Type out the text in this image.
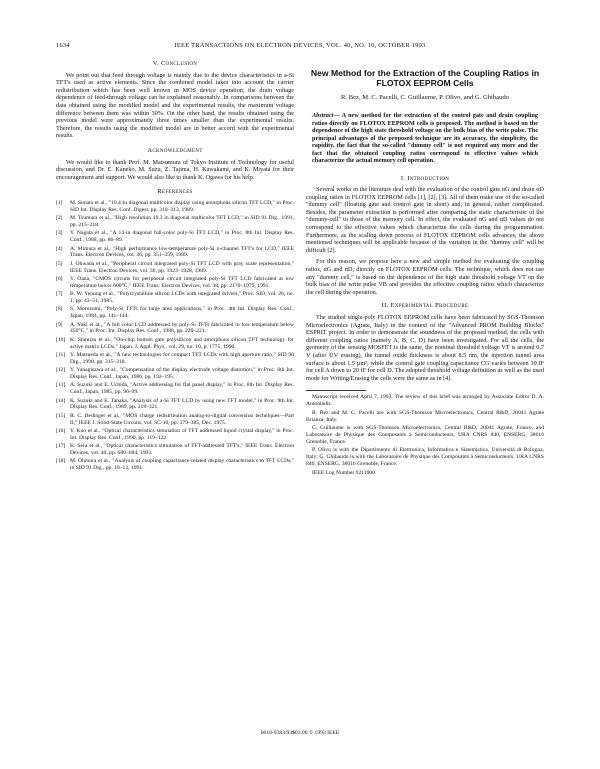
1634	IEEE TRANSACTIONS ON ELECTRON DEVICES, VOL. 40, NO. 10, OCTOBER 1993
V. Conclusion

We point out that feed through voltage is mainly due to the device characteristics in a-Si TFT's used as active elements. Since the combined model takes into account the carrier redistribution which has been well known in MOS device operation, the drain voltage dependence of feed-through voltage can be explained reasonably. In comparisons between the data obtained using the modified model and the experimental results, the maximum voltage difference between them was within 30%. On the other hand, the results obtained using the previous model were approximately three times smaller than the experimental results. Therefore, the results using the modified model are in better accord with the experimental results.

Acknowledgment

We would like to thank Prof. M. Matsumura of Tokyo Institute of Technology for useful discussion, and Dr. E. Kaneko, M. Suzu, Z. Tajima, H. Kawakami, and K. Miyata for their encouragement and support. We would also like to thank K. Ogawa for his help.

References
[1]	M. Sunata et al., "10.4-in diagonal multicolor display using amorphous silicon TFT LCD," in Proc. SID Int. Display Res. Conf. Digest, pp. 310–313, 1989.
[2]	M. Tsumura et al., "High resolution 10.3 in diagonal multicolor TFT LCD," in SID 91 Dig., 1991, pp. 215–218.
[3]	Y. Nagata et al., "A 14-in diagonal full-color poly-Si TFT LCD," in Proc. 8th Int. Display Res. Conf., 1988, pp. 86–89.
[4]	A. Mimura et al., "High performance low-temperature poly-Si n-channel TFT's for LCD," IEEE Trans. Electron Devices, vol. 36, pp. 351–359, 1989.
[5]	J. Ohwada et al., "Peripheral circuit integrated poly-Si TFT LCD with gray scale representation," IEEE Trans. Electron Devices, vol. 36, pp. 1923–1928, 1989.
[6]	Y. Oana, "CMOS circuits for peripheral circuit integrated poly-Si TFT LCD fabricated at low temperature below 600°C," IEEE Trans. Electron Devices, vol. 38, pp. 2170–1979, 1991.
[7]	B. W. Yeoung et al., "Polycrystalline silicon LCDs with integrated drivers," Proc. SID, vol. 26, no. 1, pp. 43–51, 1985.
[8]	S. Morozumi, "Poly-Si TFTs for large area applications," in Proc. 4th Int. Display Res. Conf., Japan, 1984, pp. 141–144.
[9]	A. Yuki et al., "A full color LCD addressed by poly-Si TFTs fabricated in low temperature below 450°C," in Proc. Int. Display Res. Conf., 1988, pp. 220–221.
[10] K. Shimizu et al., "On-chip bottom gate polysilicon and amorphous silicon TFT technology for active matrix LCDs," Japan. J. Appl. Phys., vol. 29, no. 10, p. 1775, 1990.
[11] Y. Matsueda et al., "A new technologies for compact TFT LCDs with high aperture ratio," SID 90 Dig., 1990, pp. 315–318.
[12] Y. Yanagisawa et al., "Compensation of the display electrode voltage distortion," in Proc. 6th Int. Display Res. Conf., Japan, 1986, pp. 192–195.
[13] A. Suzuki and E. Uchida, "Active addressing for flat panel display," in Proc. 8th Int. Display Res. Conf., Japan, 1985, pp. 96–99.
[14] K. Suzuki and E. Tanaka, "Analysis of a-Si TFT LCD by using new TFT model," in Proc. 9th Int. Display Res. Conf., 1989, pp. 318–321.
[15] R. C. Bedinger et al., "MOS charge redistribution analog-to-digital conversion techniques—Part II," IEEE J. Solid-State Circuits, vol. SC-10, pp. 379–385, Dec. 1975.
[16] Y. Kuo et al., "Optical characteristics simulation of TFT addressed liquid crystal display," in Proc. Int. Display Res. Conf., 1990, pp. 119–122.
[17] K. Sera et al., "Optical characteristics simulation of TFT-addressed TFT's," IEEE Trans. Electron Devices, vol. 40, pp. 680–684, 1993.
[18] M. Ohmura et al., "Analysis of coupling capacitance-related display characteristics in TFT LCDs," in SID 91 Dig., pp. 10–12, 1991.
New Method for the Extraction of the Coupling Ratios in FLOTOX EEPROM Cells
R. Bez, M. C. Pacelli, C. Guillaume, P. Olivo, and G. Ghibaudo
Abstract— A new method for the extraction of the control gate and drain coupling ratios directly on FLOTOX EEPROM cells is proposed. The method is based on the dependence of the high state threshold voltage on the bulk bias of the write pulse. The principal advantages of the proposed technique are its accuracy, the simplicity, the rapidity, the fact that the so-called "dummy cell" is not required any more and the fact that the obtained coupling ratios correspond to effective values which characterize the actual memory cell operation.
I. Introduction

Several works in the literature deal with the evaluation of the control gate αG and drain αD coupling ratios in FLOTOX EEPROM cells [1], [2], [3]. All of them make use of the so-called "dummy cell" (floating gate and control gate in short) and, in general, rather complicated. Besides, the parameter extraction is performed after comparing the static characteristic of the "dummy-cell" to those of the memory cell. In effect, the evaluated αG and αD values do not correspond to the effective values which characterize the cells during the programmation. Furthermore, as the scaling down process of FLOTOX EEPROM cells advances, the above mentioned techniques will be applicable because of the variation in the "dummy cell" will be difficult [2].

For this reason, we propose here a new and simple method for evaluating the coupling ratios, αG and αD, directly on FLOTOX EEPROM cells. The technique, which does not use any "dummy cell," is based on the dependence of the high state threshold voltage VT on the bulk bias of the write pulse VB and provides the effective coupling ratios which characterize the cell during the operation.

II. Experimental Procedure

The studied single-poly FLOTOX EEPROM cells have been fabricated by SGS-Thomson Microelectronics (Agrate, Italy) in the context of the "Advanced PROM Building Blocks" ESPRIT project. In order to demonstrate the soundness of the proposed method, the cells with different coupling ratios (namely A, B, C, D) have been investigated. For all the cells, the geometry of the sensing MOSFET is the same, the nominal threshold voltage VT is around 0.7 V (after UV erasing), the tunnel oxide thickness is about 8.5 nm, the injection tunnel area surface is about 1.5 µm², while the control gate coupling capacitance CG varies between 30 fF for cell A down to 20 fF for cell D. The adopted threshold voltage definition as well as the used mode for Writing/Erasing the cells were the same as in [4].

Manuscript received April 7, 1993. The review of this brief was arranged by Associate Editor D. A. Antoniadis.

R. Bez and M. C. Pacelli are with SGS-Thomson Microelectronics, Central R&D, 20041 Agrate Brianza, Italy.

C. Guillaume is with SGS-Thomson Microelectronics, Central R&D, 20041 Agrate, France, and Laboratoire de Physique des Composants à Semiconducteurs, URA CNRS 840, ENSERG, 38016 Grenoble, France.

P. Olivo is with the Dipartimento di Elettronica, Informatica e Sistemistica, Università di Bologna, Italy; G. Ghibaudo is with the Laboratoire de Physique des Composants à Semiconducteurs, URA CNRS 840, ENSERG, 38016 Grenoble, France.

IEEE Log Number 9211900.

0018-9383/93$03.00 © 1993 IEEE
